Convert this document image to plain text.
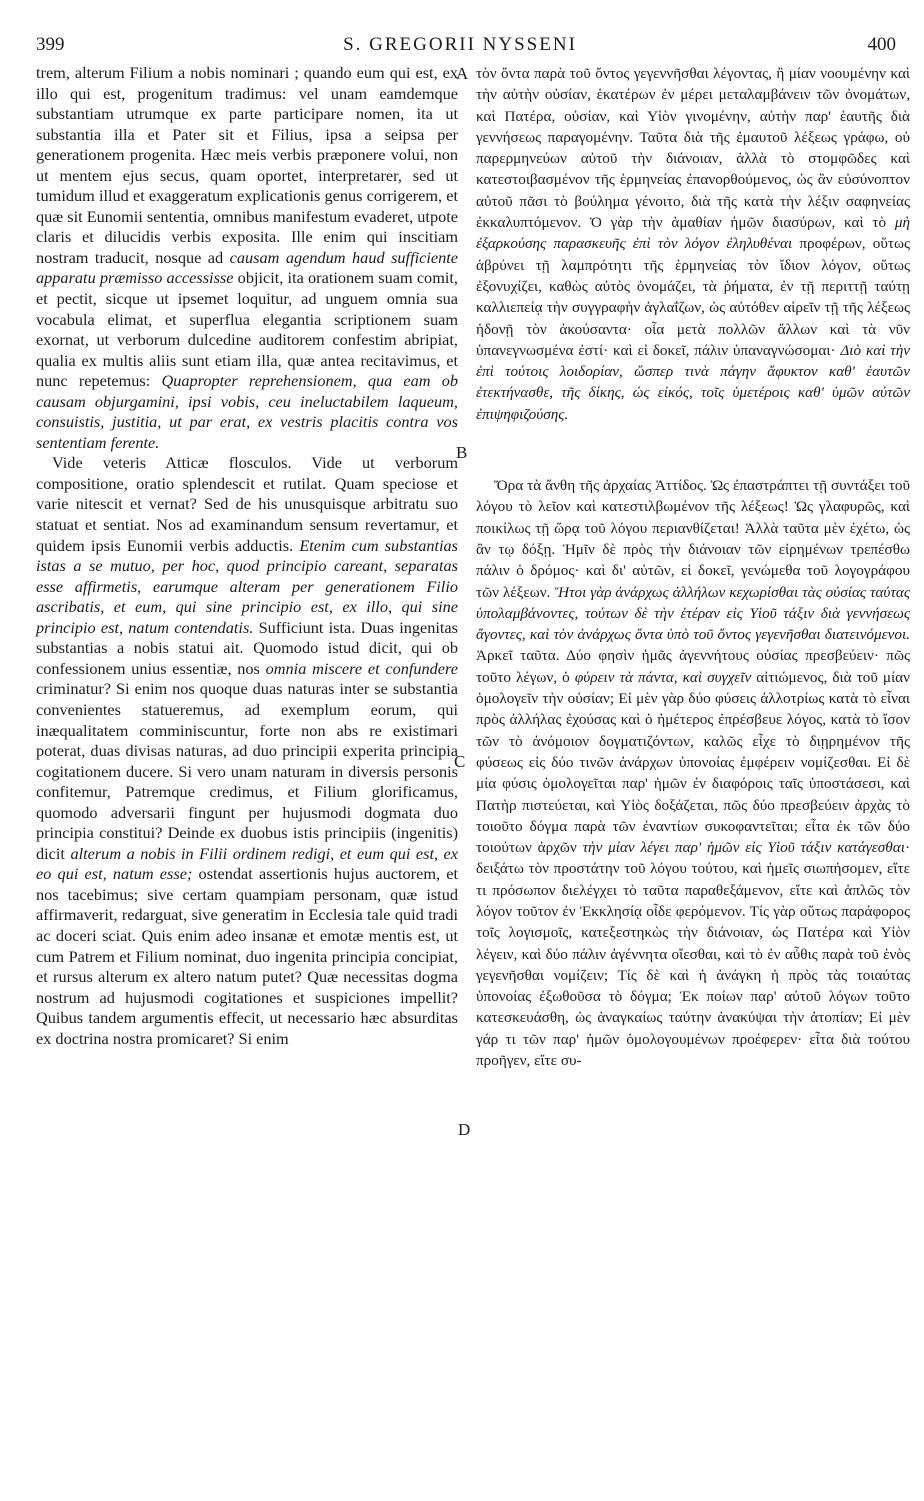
399	S. GREGORII NYSSENI	400
A
B
C
D

trem, alterum Filium a nobis nominari ; quando eum qui est, ex illo qui est, progenitum tradimus: vel unam eamdemque substantiam utrumque ex parte participare nomen, ita ut substantia illa et Pater sit et Filius, ipsa a seipsa per generationem progenita. Hæc meis verbis præponere volui, non ut mentem ejus secus, quam oportet, interpretarer, sed ut tumidum illud et exaggeratum explicationis genus corrigerem, et quæ sit Eunomii sententia, omnibus manifestum evaderet, utpote claris et dilucidis verbis exposita. Ille enim qui inscitiam nostram traducit, nosque ad causam agendum haud sufficiente apparatu præmisso accessisse objicit, ita orationem suam comit, et pectit, sicque ut ipsemet loquitur, ad unguem omnia sua vocabula elimat, et superflua elegantia scriptionem suam exornat, ut verborum dulcedine auditorem confestim abripiat, qualia ex multis aliis sunt etiam illa, quæ antea recitavimus, et nunc repetemus: Quapropter reprehensionem, qua eam ob causam objurgamini, ipsi vobis, ceu ineluctabilem laqueum, consuistis, justitia, ut par erat, ex vestris placitis contra vos sententiam ferente.

Vide veteris Atticæ flosculos. Vide ut verborum compositione, oratio splendescit et rutilat. Quam speciose et varie nitescit et vernat? Sed de his unusquisque arbitratu suo statuat et sentiat. Nos ad examinandum sensum revertamur, et quidem ipsis Eunomii verbis adductis. Etenim cum substantias istas a se mutuo, per hoc, quod principio careant, separatas esse affirmetis, earumque alteram per generationem Filio ascribatis, et eum, qui sine principio est, ex illo, qui sine principio est, natum contendatis. Sufficiunt ista. Duas ingenitas substantias a nobis statui ait. Quomodo istud dicit, qui ob confessionem unius essentiæ, nos omnia miscere et confundere criminatur? Si enim nos quoque duas naturas inter se substantia convenientes statueremus, ad exemplum eorum, qui inæqualitatem comminiscuntur, forte non abs re existimari poterat, duas divisas naturas, ad duo principii experita principia cogitationem ducere. Si vero unam naturam in diversis personis confitemur, Patremque credimus, et Filium glorificamus, quomodo adversarii fingunt per hujusmodi dogmata duo principia constitui? Deinde ex duobus istis principiis (ingenitis) dicit alterum a nobis in Filii ordinem redigi, et eum qui est, ex eo qui est, natum esse; ostendat assertionis hujus auctorem, et nos tacebimus; sive certam quampiam personam, quæ istud affirmaverit, redarguat, sive generatim in Ecclesia tale quid tradi ac doceri sciat. Quis enim adeo insanæ et emotæ mentis est, ut cum Patrem et Filium nominat, duo ingenita principia concipiat, et rursus alterum ex altero natum putet? Quæ necessitas dogma nostrum ad hujusmodi cogitationes et suspiciones impellit? Quibus tandem argumentis effecit, ut necessario hæc absurditas ex doctrina nostra promicaret? Si enim

τὸν ὄντα παρὰ τοῦ ὄντος γεγεννῆσθαι λέγοντας, ἢ μίαν νοουμένην καὶ τὴν αὐτὴν οὐσίαν, ἑκατέρων ἐν μέρει μεταλαμβάνειν τῶν ὀνομάτων, καὶ Πατέρα, οὐσίαν, καὶ Υἱὸν γινομένην, αὐτὴν παρ' ἑαυτῆς διὰ γεννήσεως παραγομένην. Ταῦτα διὰ τῆς ἐμαυτοῦ λέξεως γράφω, οὐ παρερμηνεύων αὐτοῦ τὴν διάνοιαν, ἀλλὰ τὸ στομφῶδες καὶ κατεστοιβασμένον τῆς ἑρμηνείας ἐπανορθούμενος, ὡς ἂν εὐσύνοπτον αὐτοῦ πᾶσι τὸ βούλημα γένοιτο, διὰ τῆς κατὰ τὴν λέξιν σαφηνείας ἐκκαλυπτόμενον. Ὁ γὰρ τὴν ἀμαθίαν ἡμῶν διασύρων, καὶ τὸ μὴ ἐξαρκούσης παρασκευῆς ἐπὶ τὸν λόγον ἐληλυθέναι προφέρων, οὕτως ἁβρύνει τῇ λαμπρότητι τῆς ἑρμηνείας τὸν ἴδιον λόγον, οὕτως ἐξονυχίζει, καθὼς αὐτὸς ὀνομάζει, τὰ ῥήματα, ἐν τῇ περιττῇ ταύτῃ καλλιεπείᾳ τὴν συγγραφὴν ἀγλαΐζων, ὡς αὐτόθεν αἱρεῖν τῇ τῆς λέξεως ἡδονῇ τὸν ἀκούσαντα· οἷα μετὰ πολλῶν ἄλλων καὶ τὰ νῦν ὑπανεγνωσμένα ἐστί· καὶ εἰ δοκεῖ, πάλιν ὑπαναγνώσομαι· Διὸ καὶ τὴν ἐπὶ τούτοις λοιδορίαν, ὥσπερ τινὰ πάγην ἄφυκτον καθ' ἑαυτῶν ἐτεκτήνασθε, τῆς δίκης, ὡς εἰκός, τοῖς ὑμετέροις καθ' ὑμῶν αὐτῶν ἐπιψηφιζούσης.

Ὅρα τὰ ἄνθη τῆς ἀρχαίας Ἀττίδος. Ὡς ἐπαστράπτει τῇ συντάξει τοῦ λόγου τὸ λεῖον καὶ κατεστιλβωμένον τῆς λέξεως! Ὡς γλαφυρῶς, καὶ ποικίλως τῇ ὥρᾳ τοῦ λόγου περιανθίζεται! Ἀλλὰ ταῦτα μὲν ἐχέτω, ὡς ἂν τῳ δόξῃ. Ἡμῖν δὲ πρὸς τὴν διάνοιαν τῶν εἰρημένων τρεπέσθω πάλιν ὁ δρόμος· καὶ δι' αὐτῶν, εἰ δοκεῖ, γενώμεθα τοῦ λογογράφου τῶν λέξεων. Ἤτοι γὰρ ἀνάρχως ἀλλήλων κεχωρίσθαι τὰς οὐσίας ταύτας ὑπολαμβάνοντες, τούτων δὲ τὴν ἑτέραν εἰς Υἱοῦ τάξιν διὰ γεννήσεως ἄγοντες, καὶ τὸν ἀνάρχως ὄντα ὑπὸ τοῦ ὄντος γεγενῆσθαι διατεινόμενοι. Ἀρκεῖ ταῦτα. Δύο φησὶν ἡμᾶς ἀγεννήτους οὐσίας πρεσβεύειν· πῶς τοῦτο λέγων, ὁ φύρειν τὰ πάντα, καὶ συγχεῖν αἰτιώμενος, διὰ τοῦ μίαν ὁμολογεῖν τὴν οὐσίαν; Εἰ μὲν γὰρ δύο φύσεις ἀλλοτρίως κατὰ τὸ εἶναι πρὸς ἀλλήλας ἐχούσας καὶ ὁ ἡμέτερος ἐπρέσβευε λόγος, κατὰ τὸ ἴσον τῶν τὸ ἀνόμοιον δογματιζόντων, καλῶς εἶχε τὸ διῃρημένον τῆς φύσεως εἰς δύο τινῶν ἀνάρχων ὑπονοίας ἐμφέρειν νομίζεσθαι. Εἰ δὲ μία φύσις ὁμολογεῖται παρ' ἡμῶν ἐν διαφόροις ταῖς ὑποστάσεσι, καὶ Πατὴρ πιστεύεται, καὶ Υἱὸς δοξάζεται, πῶς δύο πρεσβεύειν ἀρχὰς τὸ τοιοῦτο δόγμα παρὰ τῶν ἐναντίων συκοφαντεῖται; εἶτα ἐκ τῶν δύο τοιούτων ἀρχῶν τὴν μίαν λέγει παρ' ἡμῶν εἰς Υἱοῦ τάξιν κατάγεσθαι· δειξάτω τὸν προστάτην τοῦ λόγου τούτου, καὶ ἡμεῖς σιωπήσομεν, εἴτε τι πρόσωπον διελέγχει τὸ ταῦτα παραθεξάμενον, εἴτε καὶ ἁπλῶς τὸν λόγον τοῦτον ἐν Ἐκκλησίᾳ οἶδε φερόμενον. Τίς γὰρ οὕτως παράφορος τοῖς λογισμοῖς, κατεξεστηκὼς τὴν διάνοιαν, ὡς Πατέρα καὶ Υἱὸν λέγειν, καὶ δύο πάλιν ἀγέννητα οἴεσθαι, καὶ τὸ ἐν αὖθις παρὰ τοῦ ἑνὸς γεγενῆσθαι νομίζειν; Τίς δὲ καὶ ἡ ἀνάγκη ἡ πρὸς τὰς τοιαύτας ὑπονοίας ἐξωθοῦσα τὸ δόγμα; Ἐκ ποίων παρ' αὐτοῦ λόγων τοῦτο κατεσκευάσθη, ὡς ἀναγκαίως ταύτην ἀνακύψαι τὴν ἀτοπίαν; Εἰ μὲν γάρ τι τῶν παρ' ἡμῶν ὁμολογουμένων προέφερεν· εἶτα διὰ τούτου προῆγεν, εἴτε συ-
